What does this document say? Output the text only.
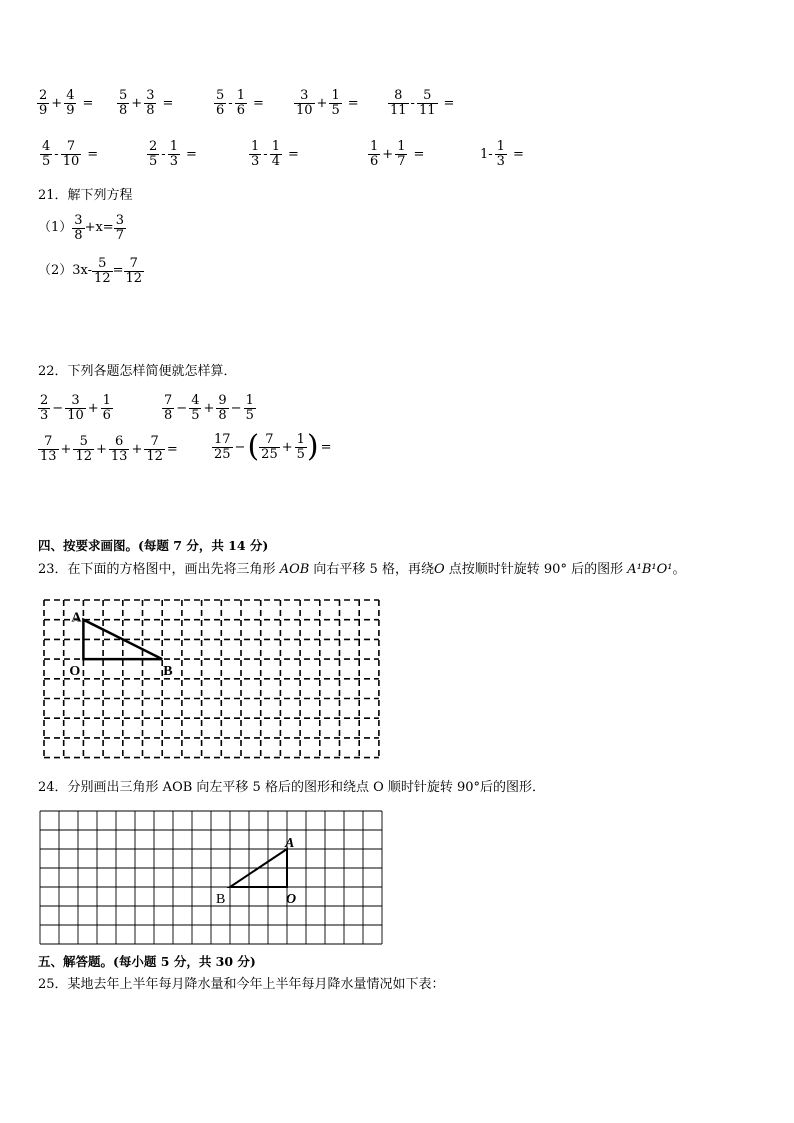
$\frac{2}{9} + \frac{4}{9} = \frac{5}{8} + \frac{3}{8}$ =	$\frac{5}{6} - \frac{1}{6} = \frac{3}{10} + \frac{1}{5} = \frac{8}{11} - \frac{5}{11}$ =
$\frac{4}{5} - \frac{7}{10}$ =	$\frac{2}{5} - \frac{1}{3}$ =	$\frac{1}{3} - \frac{1}{4}$ =	$\frac{1}{6} + \frac{1}{7}$ =	$1- \frac{1}{3}$ =
21．解下列方程
$(1) \frac{3}{8} +x= \frac{3}{7}$
$(2)3x- \frac{5}{12} = \frac{7}{12}$
22．下列各题怎样简便就怎样算．
$\frac{2}{3} - \frac{3}{10} + \frac{1}{6}$	$\frac{7}{8} - \frac{4}{5} + \frac{9}{8} - \frac{1}{5}$
$\frac{7}{13} + \frac{5}{12} + \frac{6}{13} + \frac{7}{12}$ =	$\frac{17}{25}$ − ( $\frac{7}{25} + \frac{1}{5}$ ) =
四、按要求画图。(每题 7 分，共 14 分)
23．在下面的方格图中，画出先将三角形 AOB 向右平移 5 格，再绕O 点按顺时针旋转 90° 后的图形 A¹B¹O¹。
A
O	B
24．分别画出三角形 AOB 向左平移 5 格后的图形和绕点 O 顺时针旋转 90°后的图形．
A
B	O
五、解答题。(每小题 5 分，共 30 分)
25．某地去年上半年每月降水量和今年上半年每月降水量情况如下表：
